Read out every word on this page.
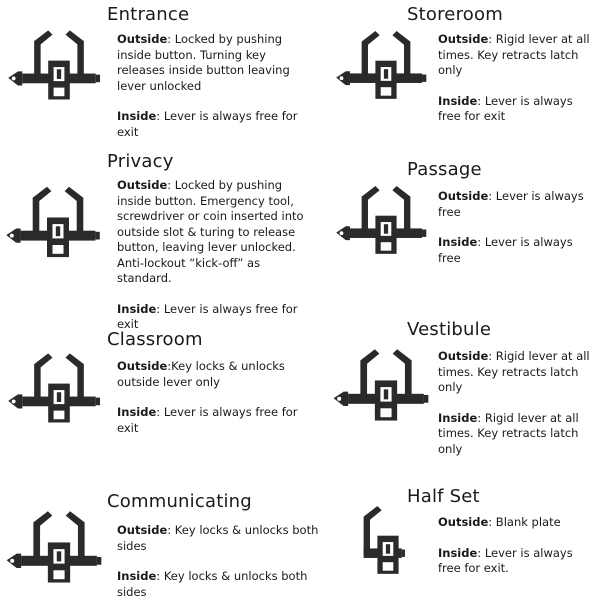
Entrance

Outside: Locked by pushing inside button. Turning key releases inside button leaving lever unlocked

Inside: Lever is always free for exit

Storeroom

Outside: Rigid lever at all times. Key retracts latch only

Inside: Lever is always free for exit

Privacy

Outside: Locked by pushing inside button. Emergency tool, screwdriver or coin inserted into outside slot & turing to release button, leaving lever unlocked. Anti-lockout “kick-off” as standard.

Inside: Lever is always free for exit

Passage

Outside: Lever is always free

Inside: Lever is always free

Classroom

Outside:Key locks & unlocks outside lever only

Inside: Lever is always free for exit

Vestibule

Outside: Rigid lever at all times. Key retracts latch only

Inside: Rigid lever at all times. Key retracts latch only

Communicating

Outside: Key locks & unlocks both sides

Inside: Key locks & unlocks both sides

Half Set

Outside: Blank plate

Inside: Lever is always free for exit.
